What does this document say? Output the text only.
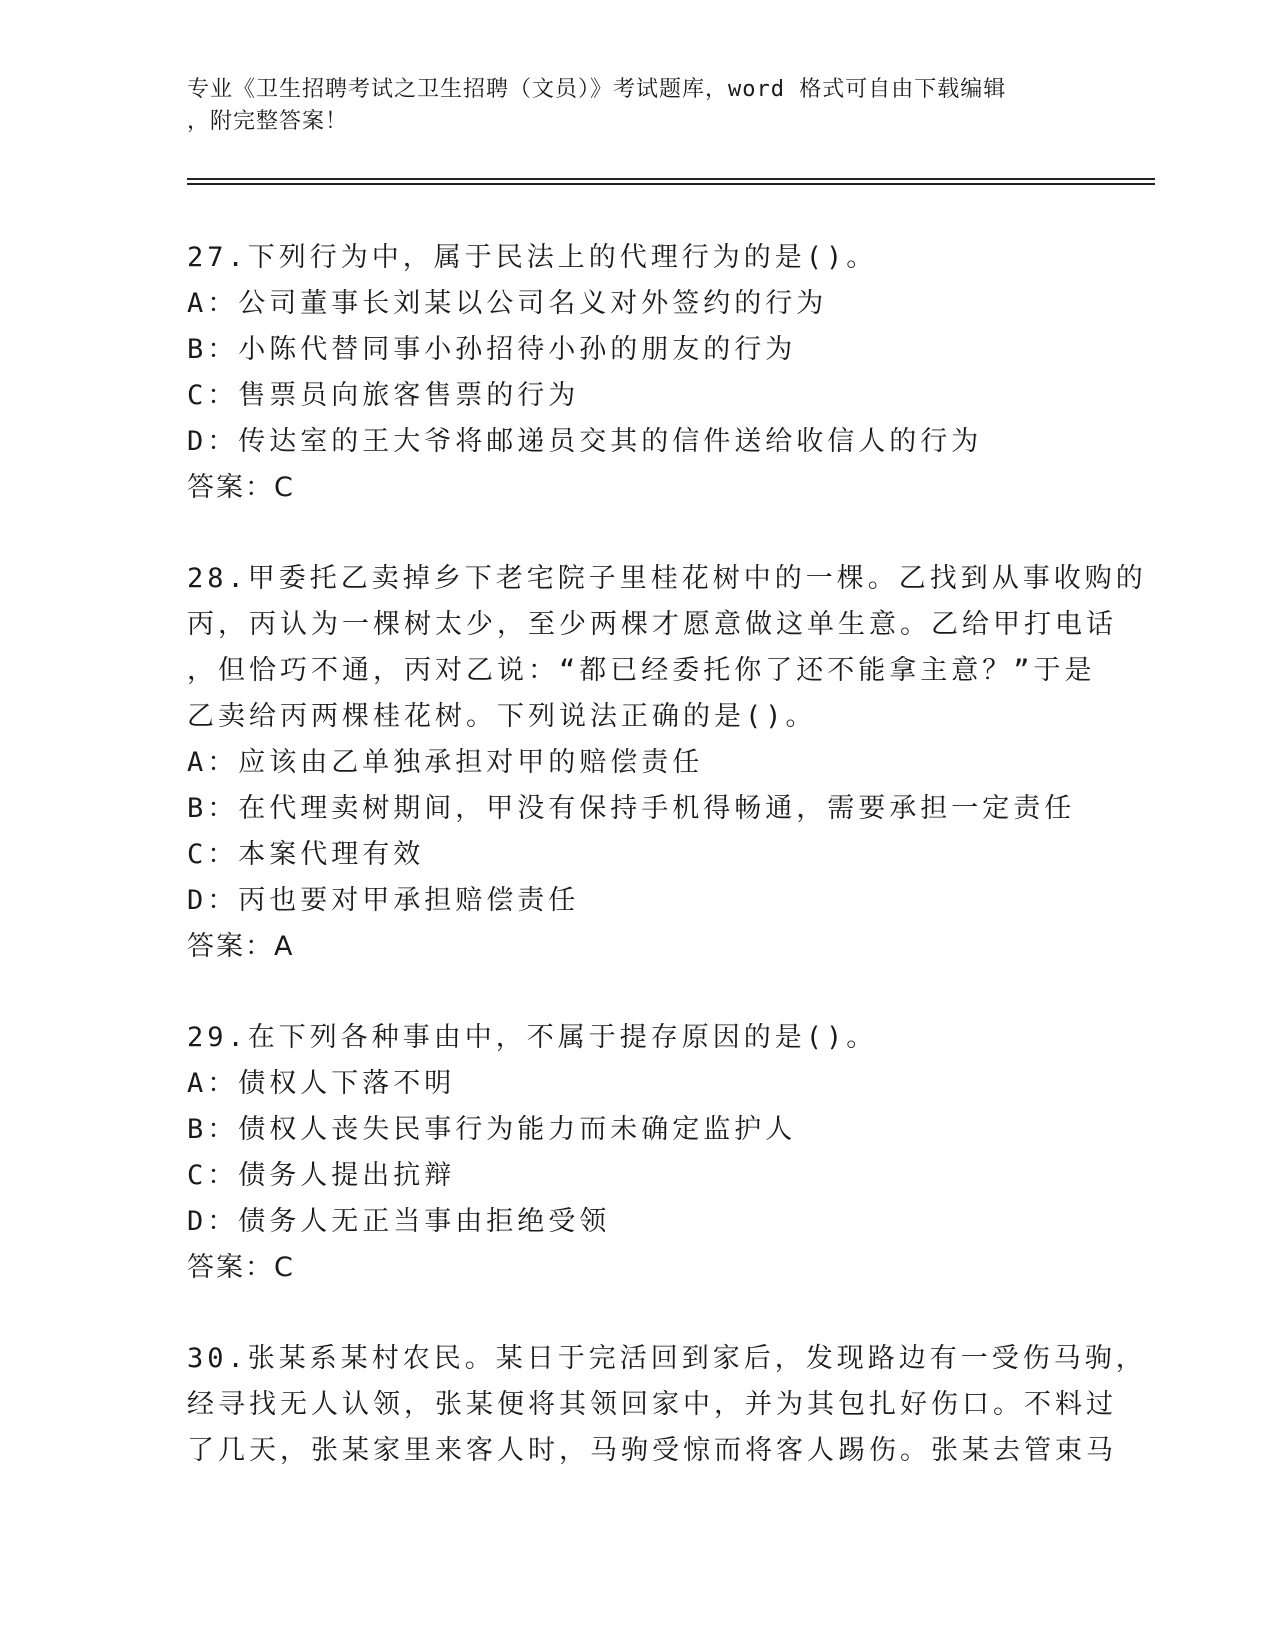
专业《卫生招聘考试之卫生招聘（文员）》考试题库，word 格式可自由下载编辑
，附完整答案！
27.下列行为中，属于民法上的代理行为的是()。
A：公司董事长刘某以公司名义对外签约的行为
B：小陈代替同事小孙招待小孙的朋友的行为
C：售票员向旅客售票的行为
D：传达室的王大爷将邮递员交其的信件送给收信人的行为
答案：C
28.甲委托乙卖掉乡下老宅院子里桂花树中的一棵。乙找到从事收购的
丙，丙认为一棵树太少，至少两棵才愿意做这单生意。乙给甲打电话
，但恰巧不通，丙对乙说：“都已经委托你了还不能拿主意？”于是
乙卖给丙两棵桂花树。下列说法正确的是()。
A：应该由乙单独承担对甲的赔偿责任
B：在代理卖树期间，甲没有保持手机得畅通，需要承担一定责任
C：本案代理有效
D：丙也要对甲承担赔偿责任
答案：A
29.在下列各种事由中，不属于提存原因的是()。
A：债权人下落不明
B：债权人丧失民事行为能力而未确定监护人
C：债务人提出抗辩
D：债务人无正当事由拒绝受领
答案：C
30.张某系某村农民。某日于完活回到家后，发现路边有一受伤马驹，
经寻找无人认领，张某便将其领回家中，并为其包扎好伤口。不料过
了几天，张某家里来客人时，马驹受惊而将客人踢伤。张某去管束马
